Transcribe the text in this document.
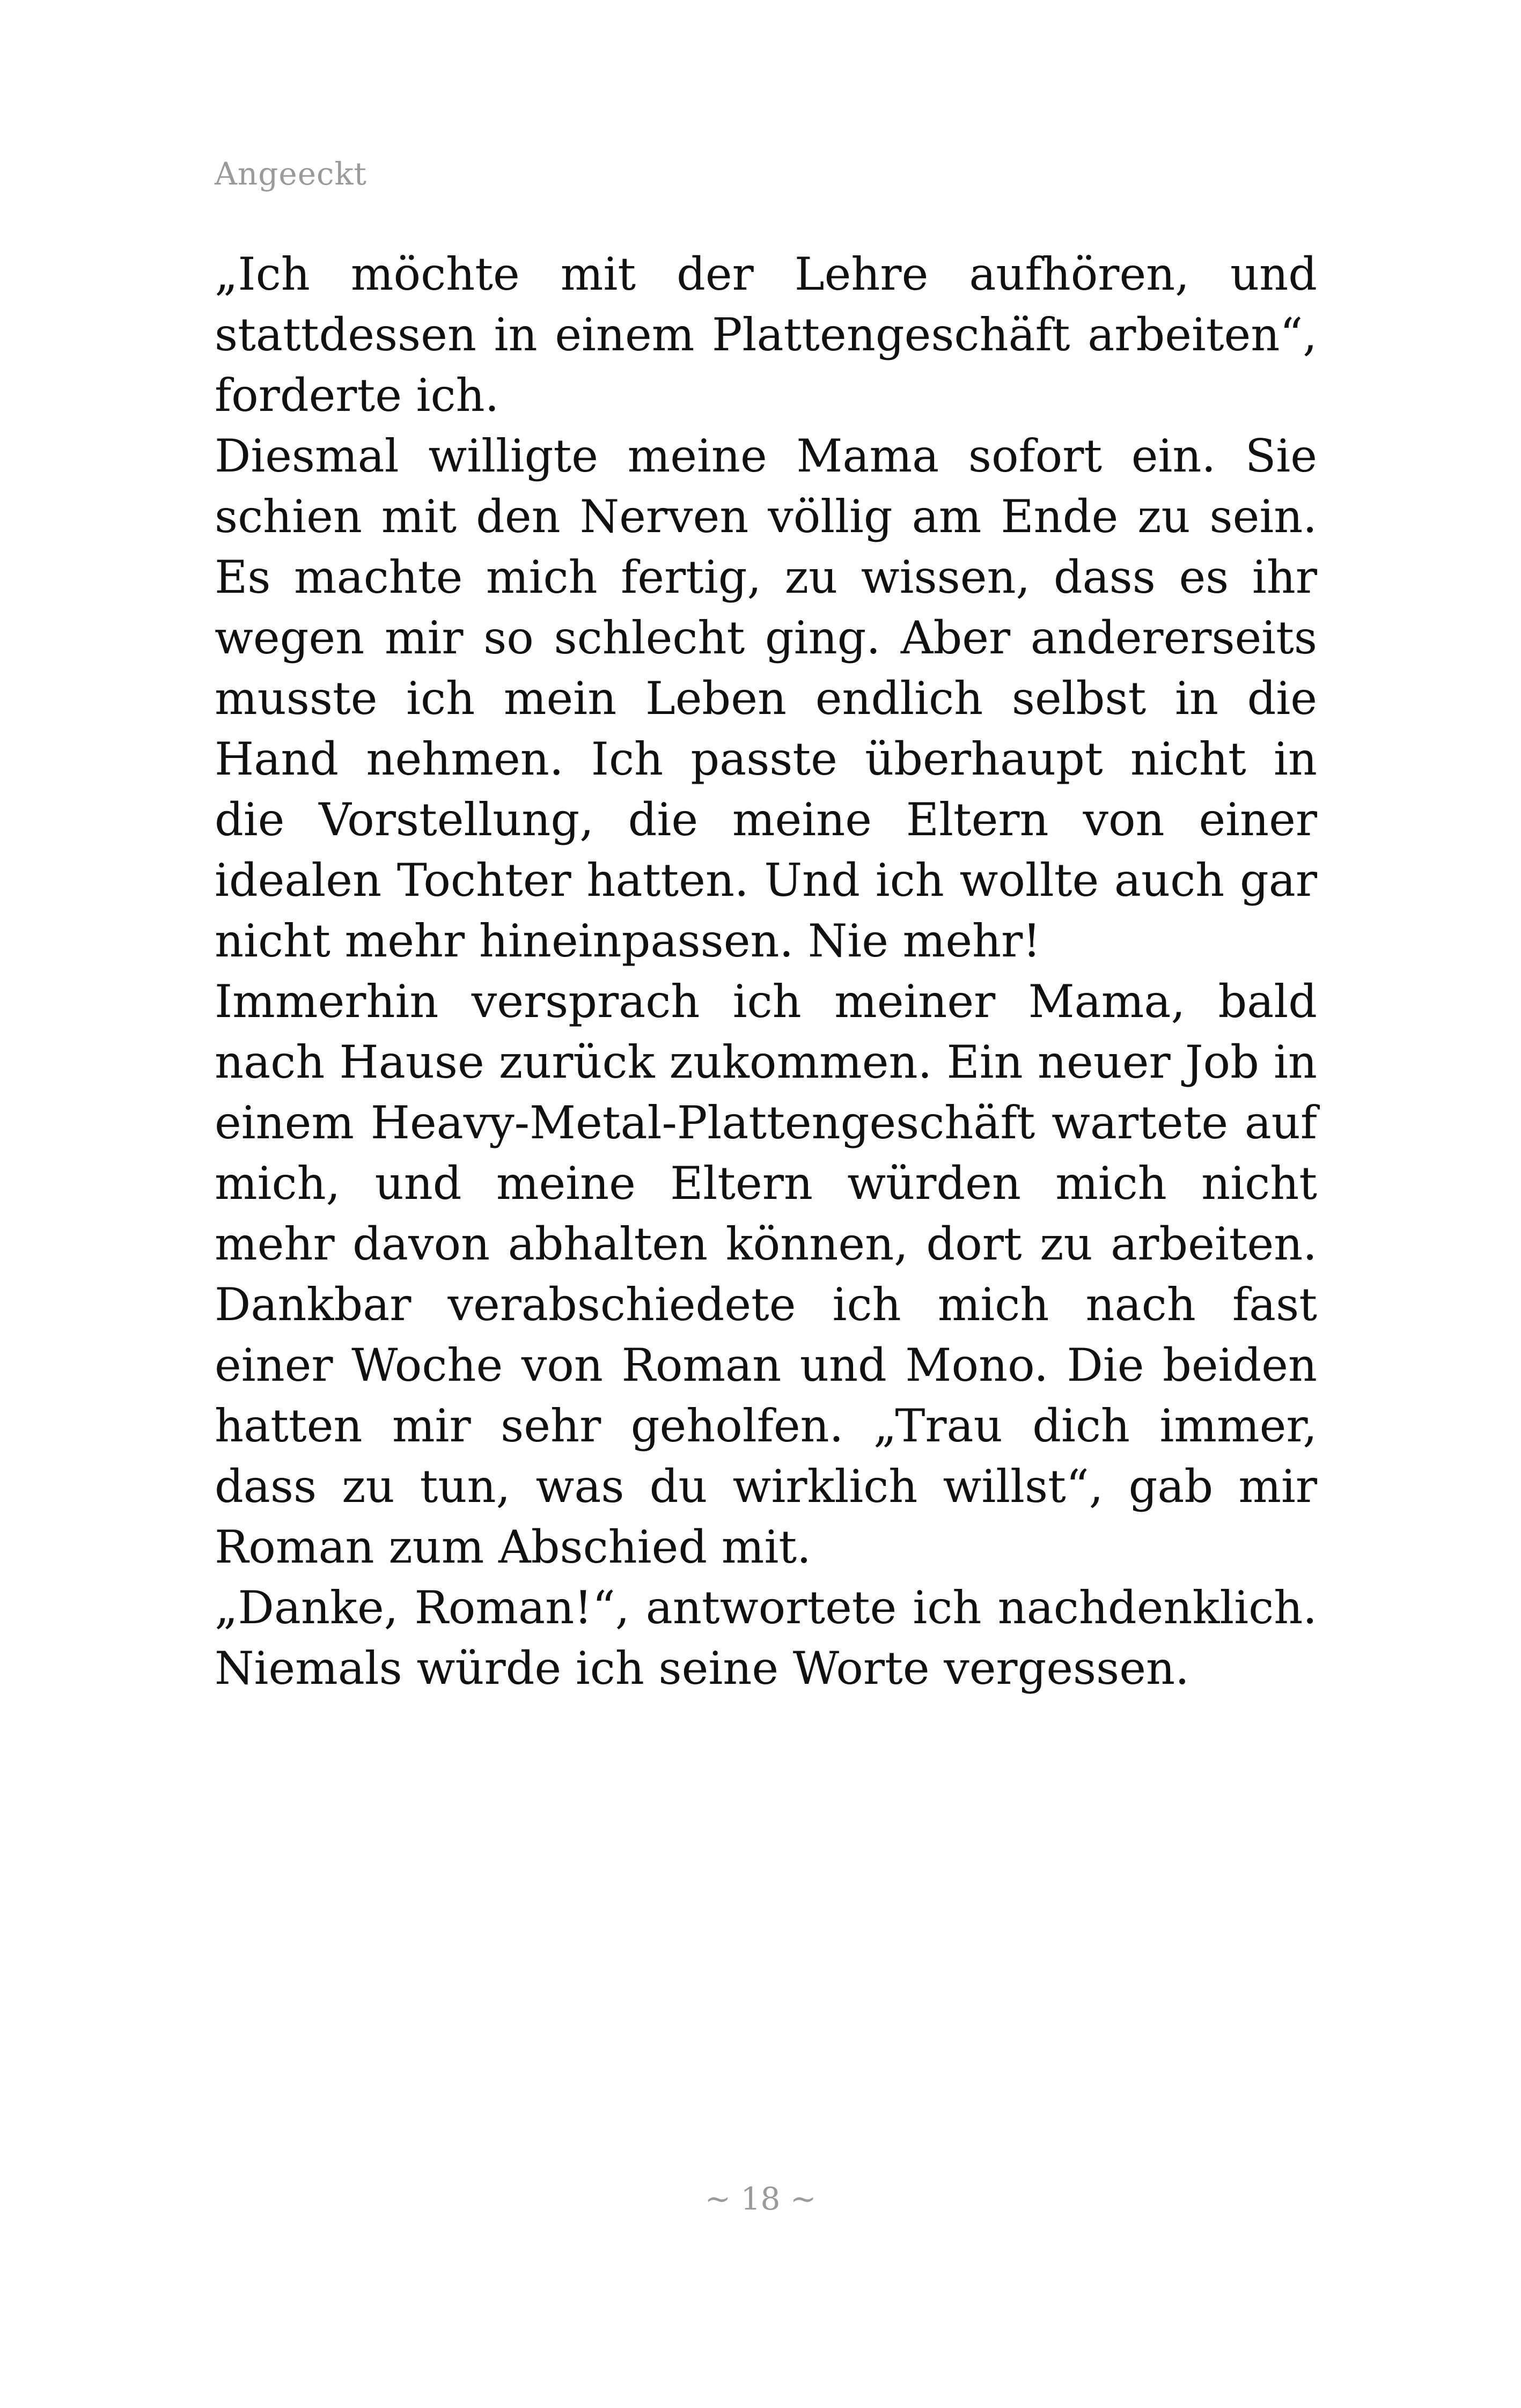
Angeeckt

„Ich möchte mit der Lehre aufhören, und stattdessen in einem Plattengeschäft arbeiten“, forderte ich.

Diesmal willigte meine Mama sofort ein. Sie schien mit den Nerven völlig am Ende zu sein. Es machte mich fertig, zu wissen, dass es ihr wegen mir so schlecht ging. Aber andererseits musste ich mein Leben endlich selbst in die Hand nehmen. Ich passte überhaupt nicht in die Vorstellung, die meine Eltern von einer idealen Tochter hatten. Und ich wollte auch gar nicht mehr hineinpassen. Nie mehr!

Immerhin versprach ich meiner Mama, bald nach Hause zurück zukommen. Ein neuer Job in einem Heavy-Metal-Plattengeschäft wartete auf mich, und meine Eltern würden mich nicht mehr davon abhalten können, dort zu arbeiten. Dankbar verabschiedete ich mich nach fast einer Woche von Roman und Mono. Die beiden hatten mir sehr geholfen. „Trau dich immer, dass zu tun, was du wirklich willst“, gab mir Roman zum Abschied mit.

„Danke, Roman!“, antwortete ich nachdenklich. Niemals würde ich seine Worte vergessen.

~ 18 ~
